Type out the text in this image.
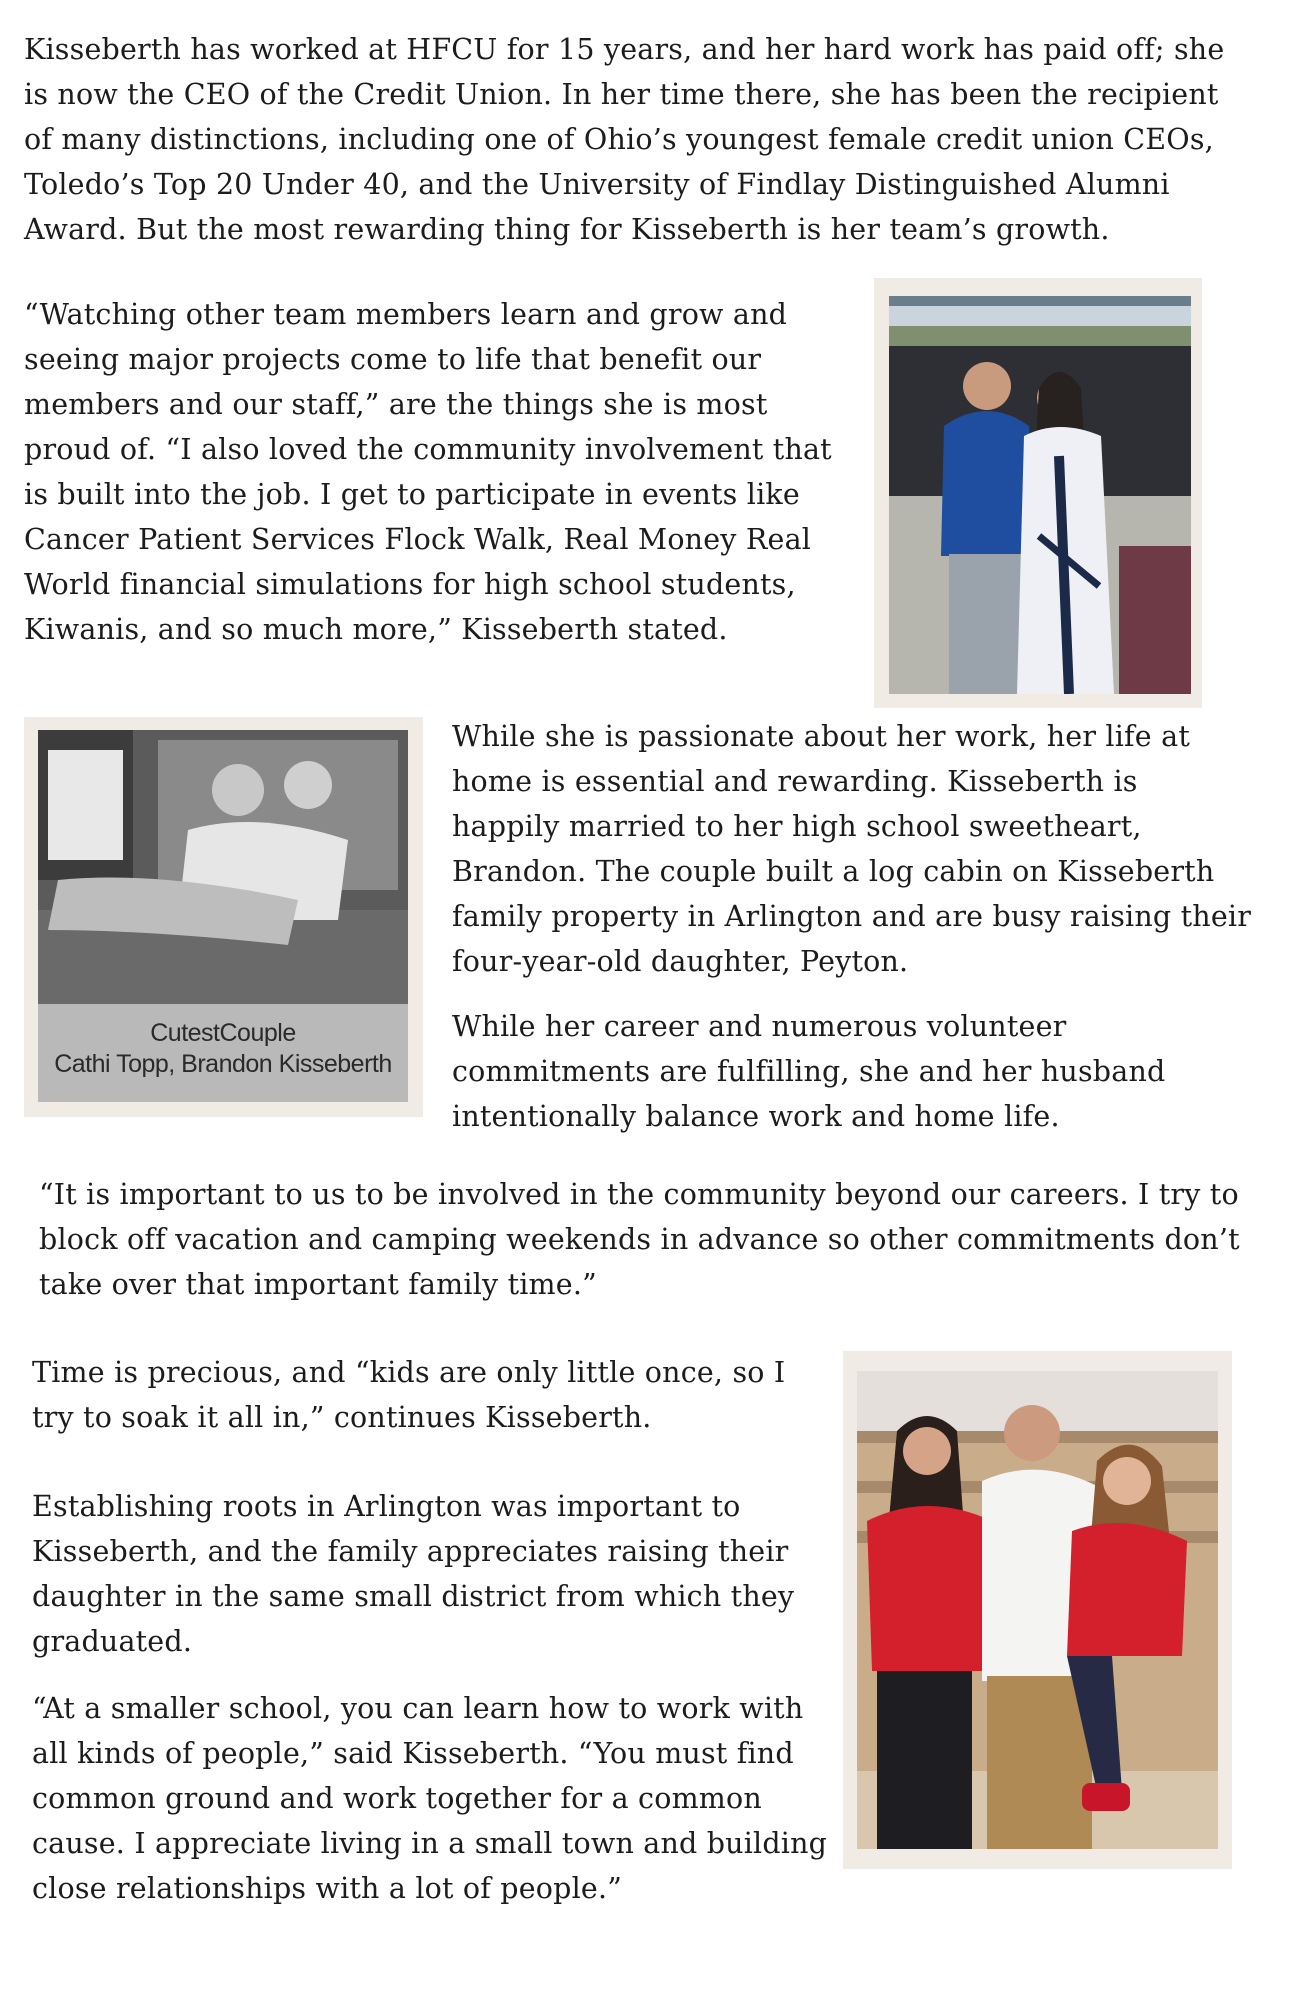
Kisseberth has worked at HFCU for 15 years, and her hard work has paid off; she is now the CEO of the Credit Union. In her time there, she has been the recipient of many distinctions, including one of Ohio’s youngest female credit union CEOs, Toledo’s Top 20 Under 40, and the University of Findlay Distinguished Alumni Award. But the most rewarding thing for Kisseberth is her team’s growth.

“Watching other team members learn and grow and seeing major projects come to life that benefit our members and our staff,” are the things she is most proud of. “I also loved the community involvement that is built into the job. I get to participate in events like Cancer Patient Services Flock Walk, Real Money Real World financial simulations for high school students, Kiwanis, and so much more,” Kisseberth stated.

CutestCouple
Cathi Topp, Brandon Kisseberth

While she is passionate about her work, her life at home is essential and rewarding. Kisseberth is happily married to her high school sweetheart, Brandon. The couple built a log cabin on Kisseberth family property in Arlington and are busy raising their four-year-old daughter, Peyton.

While her career and numerous volunteer commitments are fulfilling, she and her husband intentionally balance work and home life.

“It is important to us to be involved in the community beyond our careers. I try to block off vacation and camping weekends in advance so other commitments don’t take over that important family time.”

Time is precious, and “kids are only little once, so I try to soak it all in,” continues Kisseberth.

Establishing roots in Arlington was important to Kisseberth, and the family appreciates raising their daughter in the same small district from which they graduated.

“At a smaller school, you can learn how to work with all kinds of people,” said Kisseberth. “You must find common ground and work together for a common cause. I appreciate living in a small town and building close relationships with a lot of people.”
